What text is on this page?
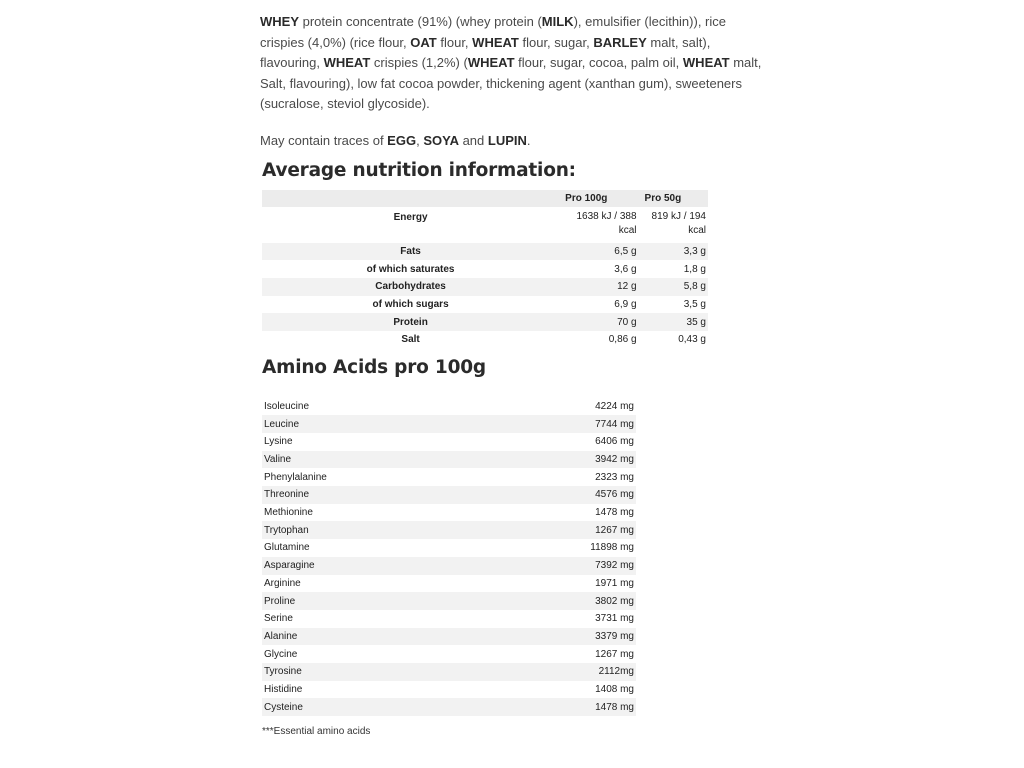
WHEY protein concentrate (91%) (whey protein (MILK), emulsifier (lecithin)), rice crispies (4,0%) (rice flour, OAT flour, WHEAT flour, sugar, BARLEY malt, salt), flavouring, WHEAT crispies (1,2%) (WHEAT flour, sugar, cocoa, palm oil, WHEAT malt, Salt, flavouring), low fat cocoa powder, thickening agent (xanthan gum), sweeteners (sucralose, steviol glycoside).

May contain traces of EGG, SOYA and LUPIN.

Average nutrition information:
	Pro 100g	Pro 50g
Energy	1638 kJ / 388 kcal	819 kJ / 194 kcal
Fats	6,5 g	3,3 g
of which saturates	3,6 g	1,8 g
Carbohydrates	12 g	5,8 g
of which sugars	6,9 g	3,5 g
Protein	70 g	35 g
Salt	0,86 g	0,43 g
Amino Acids pro 100g
Isoleucine	4224 mg
Leucine	7744 mg
Lysine	6406 mg
Valine	3942 mg
Phenylalanine	2323 mg
Threonine	4576 mg
Methionine	1478 mg
Trytophan	1267 mg
Glutamine	11898 mg
Asparagine	7392 mg
Arginine	1971 mg
Proline	3802 mg
Serine	3731 mg
Alanine	3379 mg
Glycine	1267 mg
Tyrosine	2112mg
Histidine	1408 mg
Cysteine	1478 mg

***Essential amino acids
